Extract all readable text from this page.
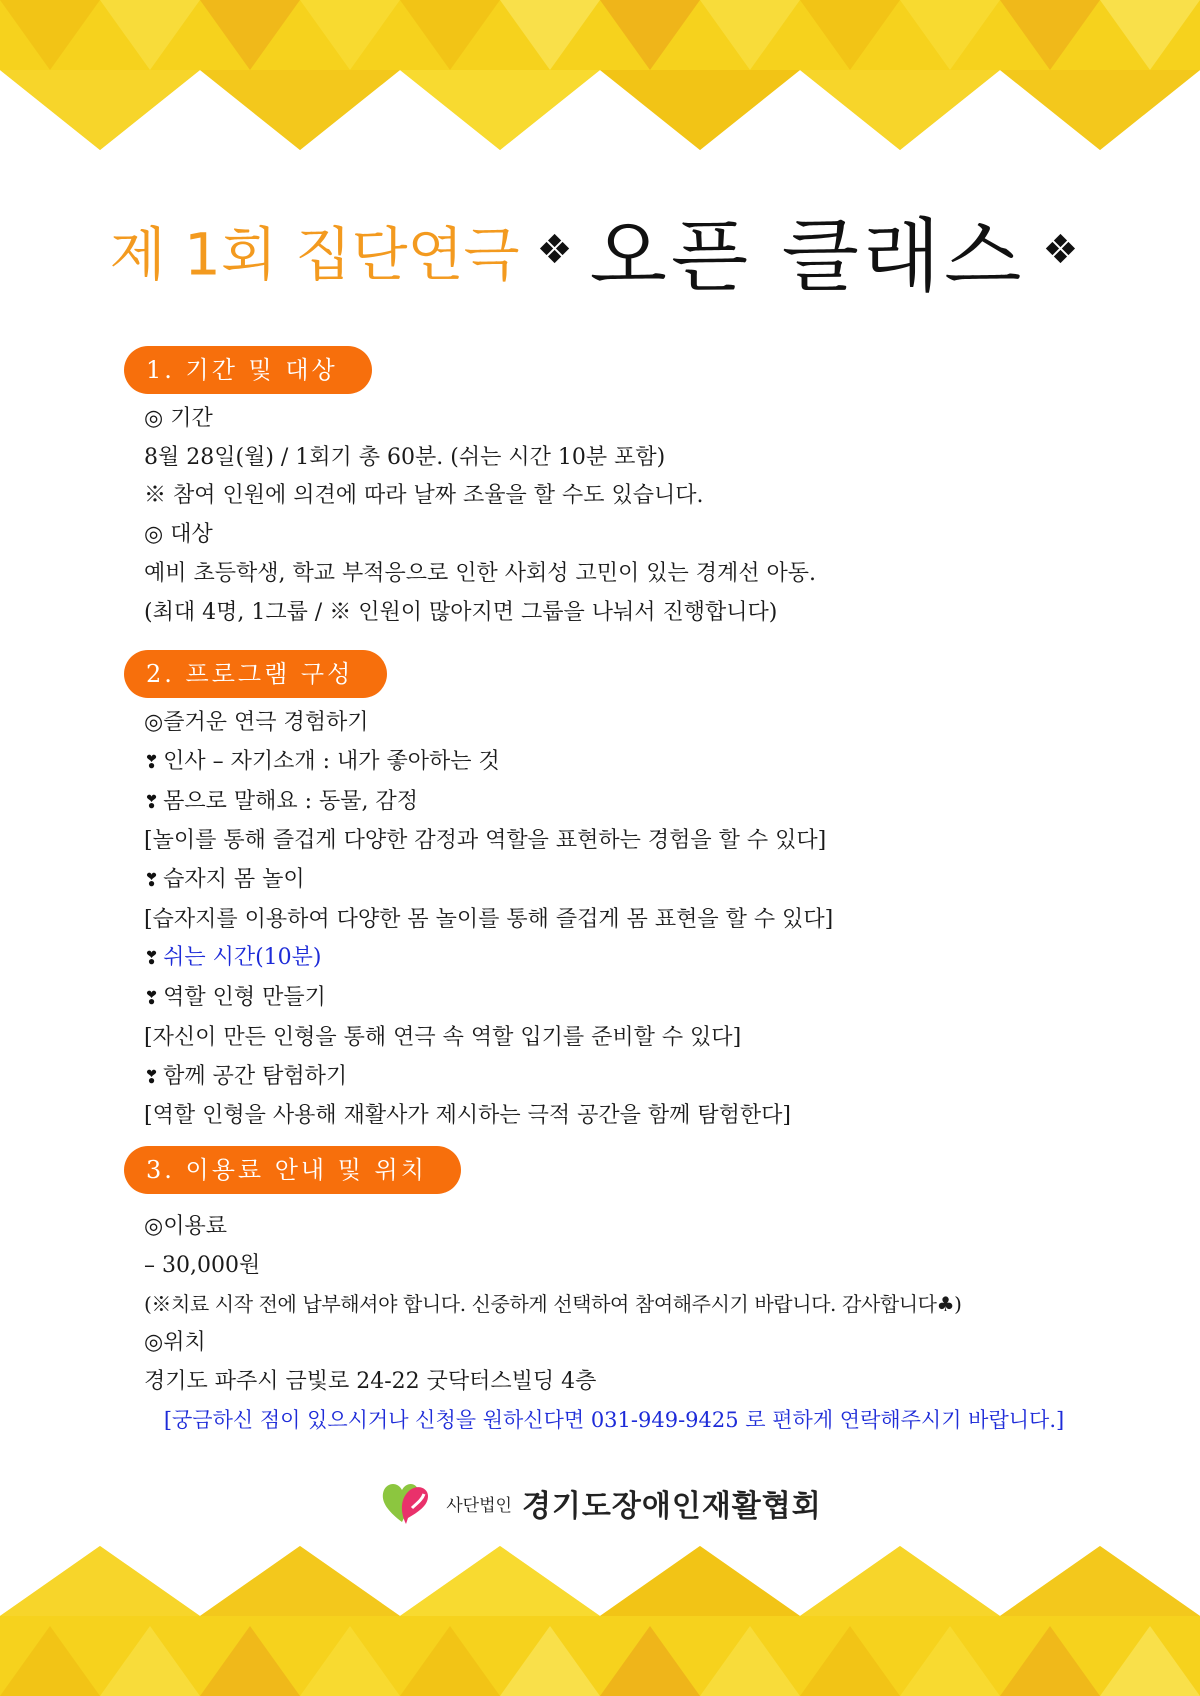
제 1회 집단연극 ❖ 오픈 클래스 ❖
1. 기간 및 대상
◎ 기간
8월 28일(월) / 1회기 총 60분. (쉬는 시간 10분 포함)
※ 참여 인원에 의견에 따라 날짜 조율을 할 수도 있습니다.
◎ 대상
예비 초등학생, 학교 부적응으로 인한 사회성 고민이 있는 경계선 아동.
(최대 4명, 1그룹 / ※ 인원이 많아지면 그룹을 나눠서 진행합니다)
2. 프로그램 구성
◎즐거운 연극 경험하기
❣ 인사 – 자기소개 : 내가 좋아하는 것
❣ 몸으로 말해요 : 동물, 감정
[놀이를 통해 즐겁게 다양한 감정과 역할을 표현하는 경험을 할 수 있다]
❣ 습자지 몸 놀이
[습자지를 이용하여 다양한 몸 놀이를 통해 즐겁게 몸 표현을 할 수 있다]
❣ 쉬는 시간(10분)
❣ 역할 인형 만들기
[자신이 만든 인형을 통해 연극 속 역할 입기를 준비할 수 있다]
❣ 함께 공간 탐험하기
[역할 인형을 사용해 재활사가 제시하는 극적 공간을 함께 탐험한다]
3. 이용료 안내 및 위치
◎이용료
– 30,000원
(※치료 시작 전에 납부해셔야 합니다. 신중하게 선택하여 참여해주시기 바랍니다. 감사합니다♣)
◎위치
경기도 파주시 금빛로 24-22 굿닥터스빌딩 4층
[궁금하신 점이 있으시거나 신청을 원하신다면 031-949-9425 로 편하게 연락해주시기 바랍니다.]
사단법인 경기도장애인재활협회
